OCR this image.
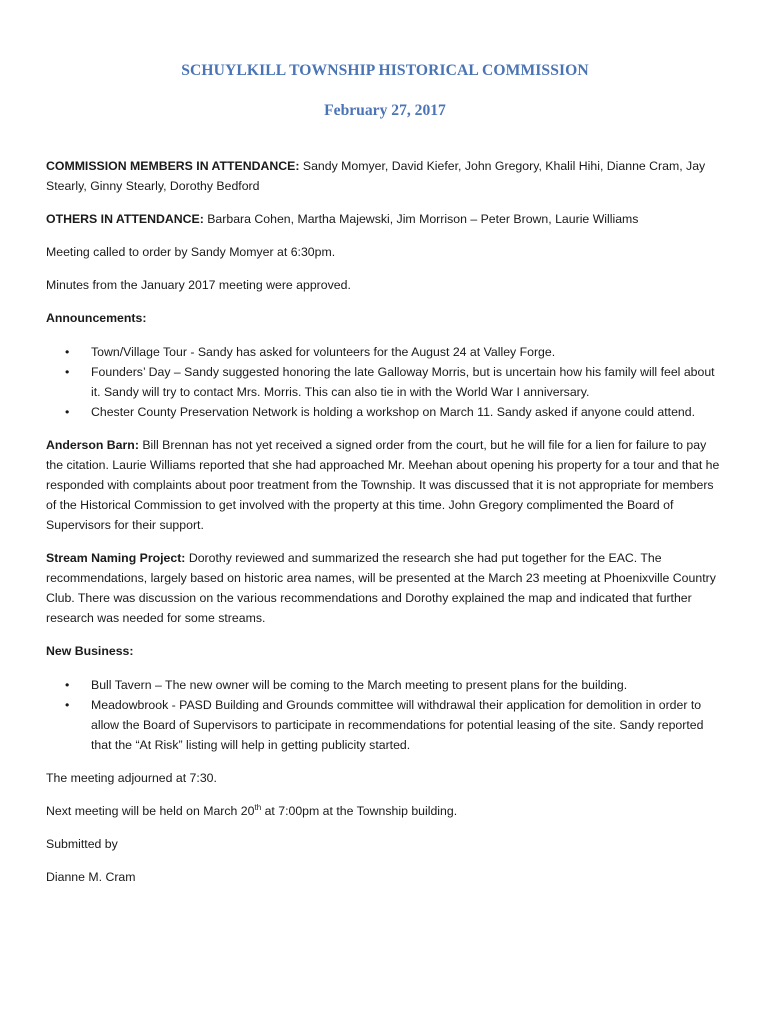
SCHUYLKILL TOWNSHIP HISTORICAL COMMISSION
February 27, 2017

COMMISSION MEMBERS IN ATTENDANCE: Sandy Momyer, David Kiefer, John Gregory, Khalil Hihi, Dianne Cram, Jay Stearly, Ginny Stearly, Dorothy Bedford

OTHERS IN ATTENDANCE: Barbara Cohen, Martha Majewski, Jim Morrison – Peter Brown, Laurie Williams

Meeting called to order by Sandy Momyer at 6:30pm.

Minutes from the January 2017 meeting were approved.

Announcements:

• Town/Village Tour - Sandy has asked for volunteers for the August 24 at Valley Forge.
• Founders’ Day – Sandy suggested honoring the late Galloway Morris, but is uncertain how his family will feel about it. Sandy will try to contact Mrs. Morris. This can also tie in with the World War I anniversary.
• Chester County Preservation Network is holding a workshop on March 11. Sandy asked if anyone could attend.

Anderson Barn: Bill Brennan has not yet received a signed order from the court, but he will file for a lien for failure to pay the citation. Laurie Williams reported that she had approached Mr. Meehan about opening his property for a tour and that he responded with complaints about poor treatment from the Township. It was discussed that it is not appropriate for members of the Historical Commission to get involved with the property at this time. John Gregory complimented the Board of Supervisors for their support.

Stream Naming Project: Dorothy reviewed and summarized the research she had put together for the EAC. The recommendations, largely based on historic area names, will be presented at the March 23 meeting at Phoenixville Country Club. There was discussion on the various recommendations and Dorothy explained the map and indicated that further research was needed for some streams.

New Business:

• Bull Tavern – The new owner will be coming to the March meeting to present plans for the building.
• Meadowbrook - PASD Building and Grounds committee will withdrawal their application for demolition in order to allow the Board of Supervisors to participate in recommendations for potential leasing of the site. Sandy reported that the “At Risk” listing will help in getting publicity started.

The meeting adjourned at 7:30.

Next meeting will be held on March 20th at 7:00pm at the Township building.

Submitted by

Dianne M. Cram
